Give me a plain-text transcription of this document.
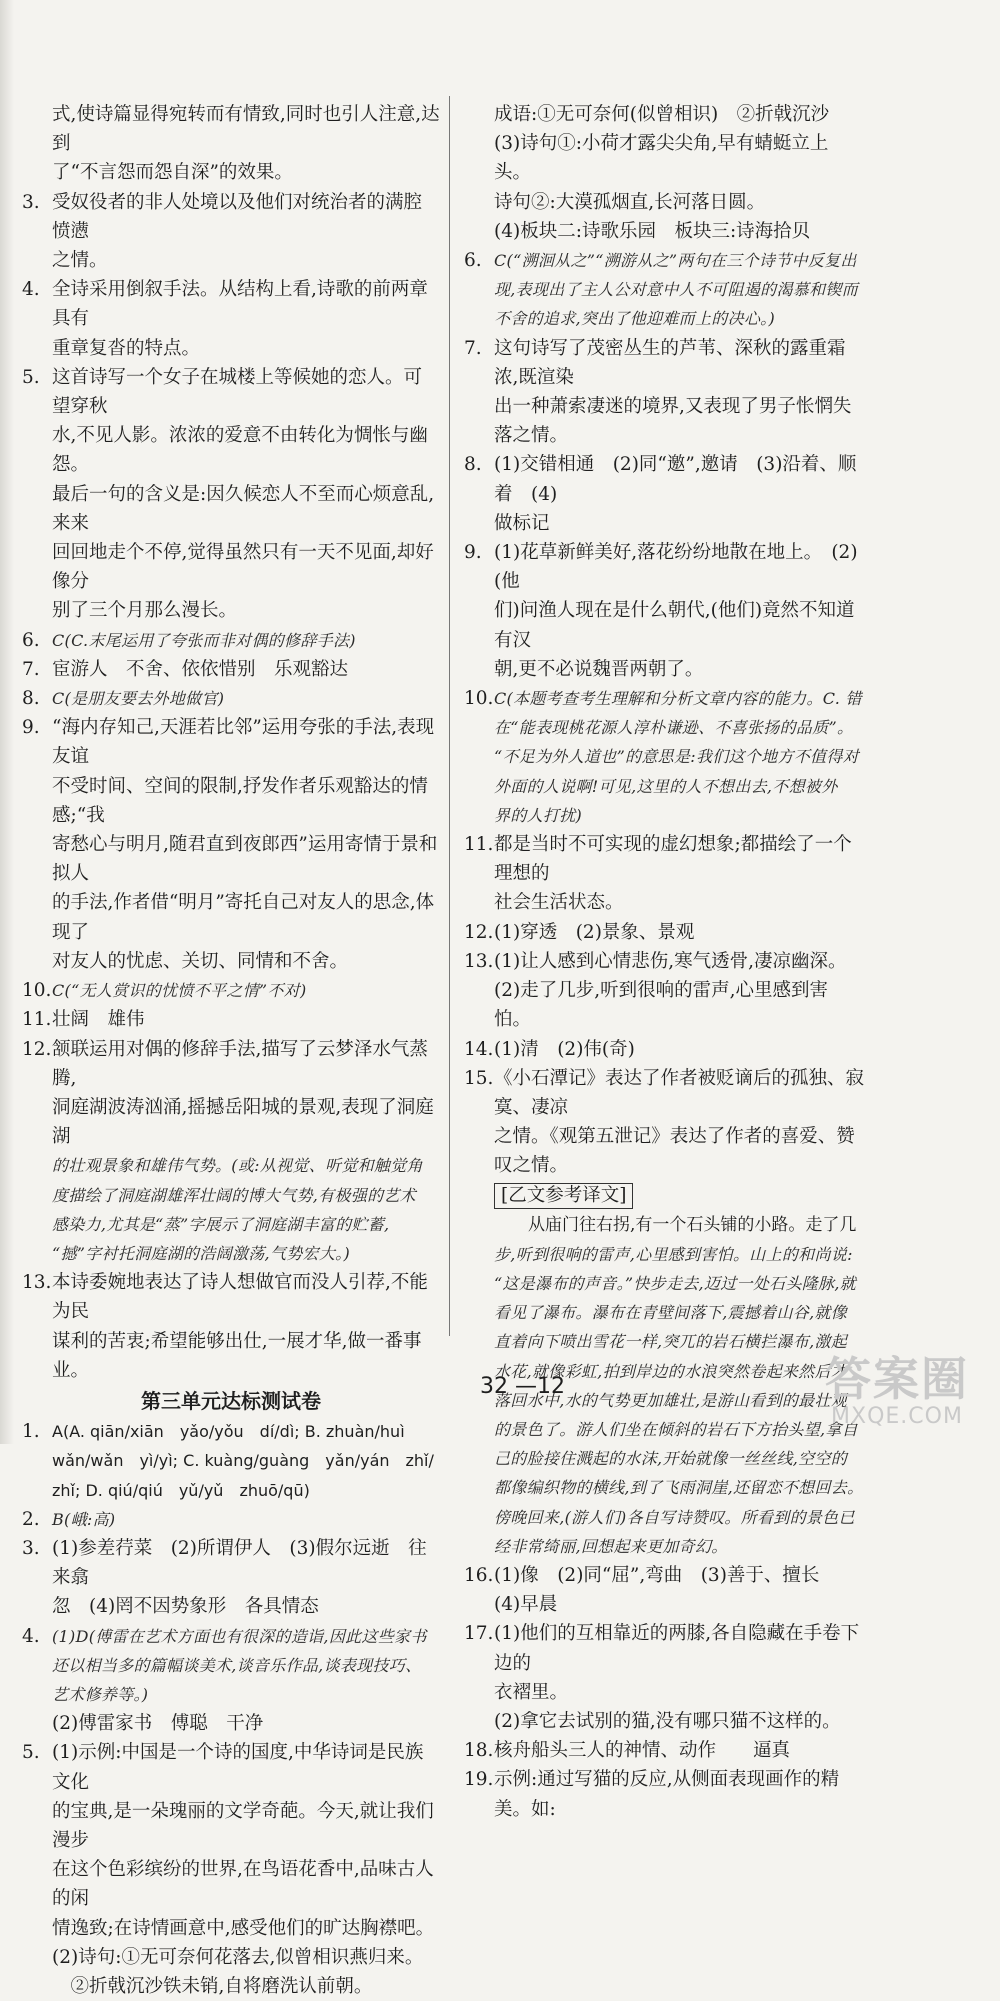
式,使诗篇显得宛转而有情致,同时也引人注意,达到
了“不言怨而怨自深”的效果。
3. 受奴役者的非人处境以及他们对统治者的满腔愤懑
之情。
4. 全诗采用倒叙手法。从结构上看,诗歌的前两章具有
重章复沓的特点。
5. 这首诗写一个女子在城楼上等候她的恋人。可望穿秋
水,不见人影。浓浓的爱意不由转化为惆怅与幽怨。
最后一句的含义是:因久候恋人不至而心烦意乱,来来
回回地走个不停,觉得虽然只有一天不见面,却好像分
别了三个月那么漫长。
6. C(C.末尾运用了夸张而非对偶的修辞手法)
7. 宦游人　不舍、依依惜别　乐观豁达
8. C(是朋友要去外地做官)
9. “海内存知己,天涯若比邻”运用夸张的手法,表现友谊
不受时间、空间的限制,抒发作者乐观豁达的情感;“我
寄愁心与明月,随君直到夜郎西”运用寄情于景和拟人
的手法,作者借“明月”寄托自己对友人的思念,体现了
对友人的忧虑、关切、同情和不舍。
10. C(“无人赏识的忧愤不平之情”不对)
11. 壮阔　雄伟
12. 颔联运用对偶的修辞手法,描写了云梦泽水气蒸腾,
洞庭湖波涛汹涌,摇撼岳阳城的景观,表现了洞庭湖
的壮观景象和雄伟气势。(或:从视觉、听觉和触觉角
度描绘了洞庭湖雄浑壮阔的博大气势,有极强的艺术
感染力,尤其是“蒸”字展示了洞庭湖丰富的贮蓄,
“撼”字衬托洞庭湖的浩阔激荡,气势宏大。)
13. 本诗委婉地表达了诗人想做官而没人引荐,不能为民
谋利的苦衷;希望能够出仕,一展才华,做一番事业。
第三单元达标测试卷
1. A(A. qiān/xiān　yǎo/yǒu　dí/dì; B. zhuàn/huì
wǎn/wǎn　yì/yì; C. kuàng/guàng　yǎn/yán　zhǐ/
zhǐ; D. qiú/qiú　yǔ/yǔ　zhuō/qū)
2. B(峨:高)
3. (1)参差荇菜　(2)所谓伊人　(3)假尔远逝　往来翕
忽　(4)罔不因势象形　各具情态
4. (1)D(傅雷在艺术方面也有很深的造诣,因此这些家书
还以相当多的篇幅谈美术,谈音乐作品,谈表现技巧、
艺术修养等。)
(2)傅雷家书　傅聪　干净
5. (1)示例:中国是一个诗的国度,中华诗词是民族文化
的宝典,是一朵瑰丽的文学奇葩。今天,就让我们漫步
在这个色彩缤纷的世界,在鸟语花香中,品味古人的闲
情逸致;在诗情画意中,感受他们的旷达胸襟吧。
(2)诗句:①无可奈何花落去,似曾相识燕归来。
　②折戟沉沙铁未销,自将磨洗认前朝。
成语:①无可奈何(似曾相识)　②折戟沉沙
(3)诗句①:小荷才露尖尖角,早有蜻蜓立上头。
诗句②:大漠孤烟直,长河落日圆。
(4)板块二:诗歌乐园　板块三:诗海拾贝
6. C(“溯洄从之”“溯游从之”两句在三个诗节中反复出
现,表现出了主人公对意中人不可阻遏的渴慕和锲而
不舍的追求,突出了他迎难而上的决心。)
7. 这句诗写了茂密丛生的芦苇、深秋的露重霜浓,既渲染
出一种萧索凄迷的境界,又表现了男子怅惘失落之情。
8. (1)交错相通　(2)同“邀”,邀请　(3)沿着、顺着　(4)
做标记
9. (1)花草新鲜美好,落花纷纷地散在地上。　(2)(他
们)问渔人现在是什么朝代,(他们)竟然不知道有汉
朝,更不必说魏晋两朝了。
10. C(本题考查考生理解和分析文章内容的能力。C. 错
在“能表现桃花源人淳朴谦逊、不喜张扬的品质”。
“不足为外人道也”的意思是:我们这个地方不值得对
外面的人说啊!可见,这里的人不想出去,不想被外
界的人打扰)
11. 都是当时不可实现的虚幻想象;都描绘了一个理想的
社会生活状态。
12. (1)穿透　(2)景象、景观
13. (1)让人感到心情悲伤,寒气透骨,凄凉幽深。
(2)走了几步,听到很响的雷声,心里感到害怕。
14. (1)清　(2)伟(奇)
15. 《小石潭记》表达了作者被贬谪后的孤独、寂寞、凄凉
之情。《观第五泄记》表达了作者的喜爱、赞叹之情。
[乙文参考译文]
从庙门往右拐,有一个石头铺的小路。走了几
步,听到很响的雷声,心里感到害怕。山上的和尚说:
“这是瀑布的声音。”快步走去,迈过一处石头隆脉,就
看见了瀑布。瀑布在青壁间落下,震撼着山谷,就像
直着向下喷出雪花一样,突兀的岩石横拦瀑布,激起
水花,就像彩虹,拍到岸边的水浪突然卷起来然后才
落回水中,水的气势更加雄壮,是游山看到的最壮观
的景色了。游人们坐在倾斜的岩石下方抬头望,拿自
己的脸接住溅起的水沫,开始就像一丝丝线,空空的
都像编织物的横线,到了飞雨洞崖,还留恋不想回去。
傍晚回来,(游人们)各自写诗赞叹。所看到的景色已
经非常绮丽,回想起来更加奇幻。
16. (1)像　(2)同“屈”,弯曲　(3)善于、擅长　(4)早晨
17. (1)他们的互相靠近的两膝,各自隐藏在手卷下边的
衣褶里。
(2)拿它去试别的猫,没有哪只猫不这样的。
18. 核舟船头三人的神情、动作　　逼真
19. 示例:通过写猫的反应,从侧面表现画作的精美。如:
32 —12	答案圈
MXQE.COM
